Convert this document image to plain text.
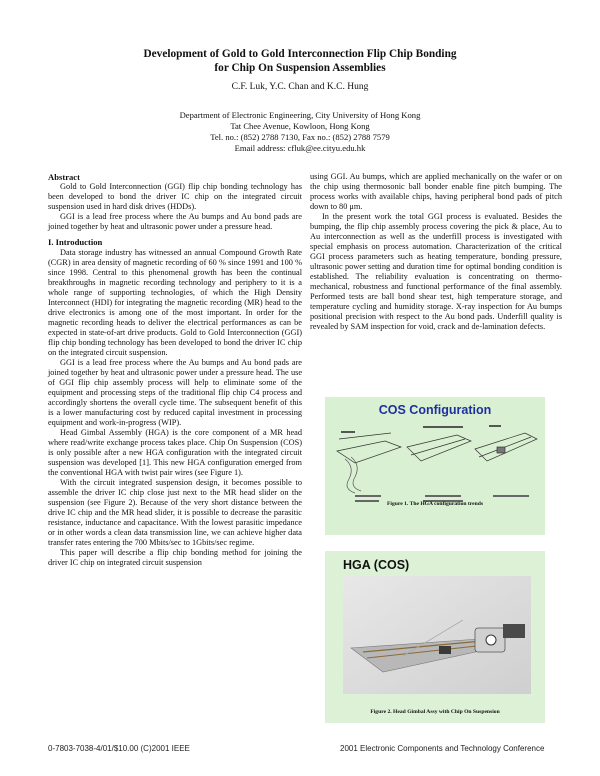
Development of Gold to Gold Interconnection Flip Chip Bonding
for Chip On Suspension Assemblies
C.F. Luk, Y.C. Chan and K.C. Hung
Department of Electronic Engineering, City University of Hong Kong
Tat Chee Avenue, Kowloon, Hong Kong
Tel. no.: (852) 2788 7130, Fax no.: (852) 2788 7579
Email address: cfluk@ee.cityu.edu.hk
Abstract

Gold to Gold Interconnection (GGI) flip chip bonding technology has been developed to bond the driver IC chip on the integrated circuit suspension used in hard disk drives (HDDs).

GGI is a lead free process where the Au bumps and Au bond pads are joined together by heat and ultrasonic power under a pressure head.

I. Introduction

Data storage industry has witnessed an annual Compound Growth Rate (CGR) in area density of magnetic recording of 60 % since 1991 and 100 % since 1998. Central to this phenomenal growth has been the continual breakthroughs in magnetic recording technology and periphery to it is a whole range of supporting technologies, of which the High Density Interconnect (HDI) for integrating the magnetic recording (MR) head to the drive electronics is among one of the most important. In order for the magnetic recording heads to deliver the electrical performances as can be expected in state-of-art drive products. Gold to Gold Interconnection (GGI) flip chip bonding technology has been developed to bond the driver IC chip on the integrated circuit suspension.

GGI is a lead free process where the Au bumps and Au bond pads are joined together by heat and ultrasonic power under a pressure head. The use of GGI flip chip assembly process will help to eliminate some of the equipment and processing steps of the traditional flip chip C4 process and accordingly shortens the overall cycle time. The subsequent benefit of this is a lower manufacturing cost by reduced capital investment in processing equipment and work-in-progress (WIP).

Head Gimbal Assembly (HGA) is the core component of a MR head where read/write exchange process takes place. Chip On Suspension (COS) is only possible after a new HGA configuration with the integrated circuit suspension was developed [1]. This new HGA configuration emerged from the conventional HGA with twist pair wires (see Figure 1).

With the circuit integrated suspension design, it becomes possible to assemble the driver IC chip close just next to the MR head slider on the suspension (see Figure 2). Because of the very short distance between the drive IC chip and the MR head slider, it is possible to decrease the parasitic resistance, inductance and capacitance. With the lowest parasitic impedance or in other words a clean data transmission line, we can achieve higher data transfer rates entering the 700 Mbits/sec to 1Gbits/sec regime.

This paper will describe a flip chip bonding method for joining the driver IC chip on integrated circuit suspension

using GGI. Au bumps, which are applied mechanically on the wafer or on the chip using thermosonic ball bonder enable fine pitch bumping. The process works with available chips, having peripheral bond pads of pitch down to 80 μm.

In the present work the total GGI process is evaluated. Besides the bumping, the flip chip assembly process covering the pick & place, Au to Au interconnection as well as the underfill process is investigated with special emphasis on process automation. Characterization of the critical GGI process parameters such as heating temperature, bonding pressure, ultrasonic power setting and duration time for optimal bonding condition is established. The reliability evaluation is concentrating on thermo-mechanical, robustness and functional performance of the final assembly. Performed tests are ball bond shear test, high temperature storage, and temperature cycling and humidity storage. X-ray inspection for Au bumps positional precision with respect to the Au bond pads. Underfill quality is revealed by SAM inspection for void, crack and de-lamination defects.

COS Configuration
Figure 1. The HGA configuration trends
HGA (COS)
Figure 2. Head Gimbal Assy with Chip On Suspension
0-7803-7038-4/01/$10.00 (C)2001 IEEE	2001 Electronic Components and Technology Conference
